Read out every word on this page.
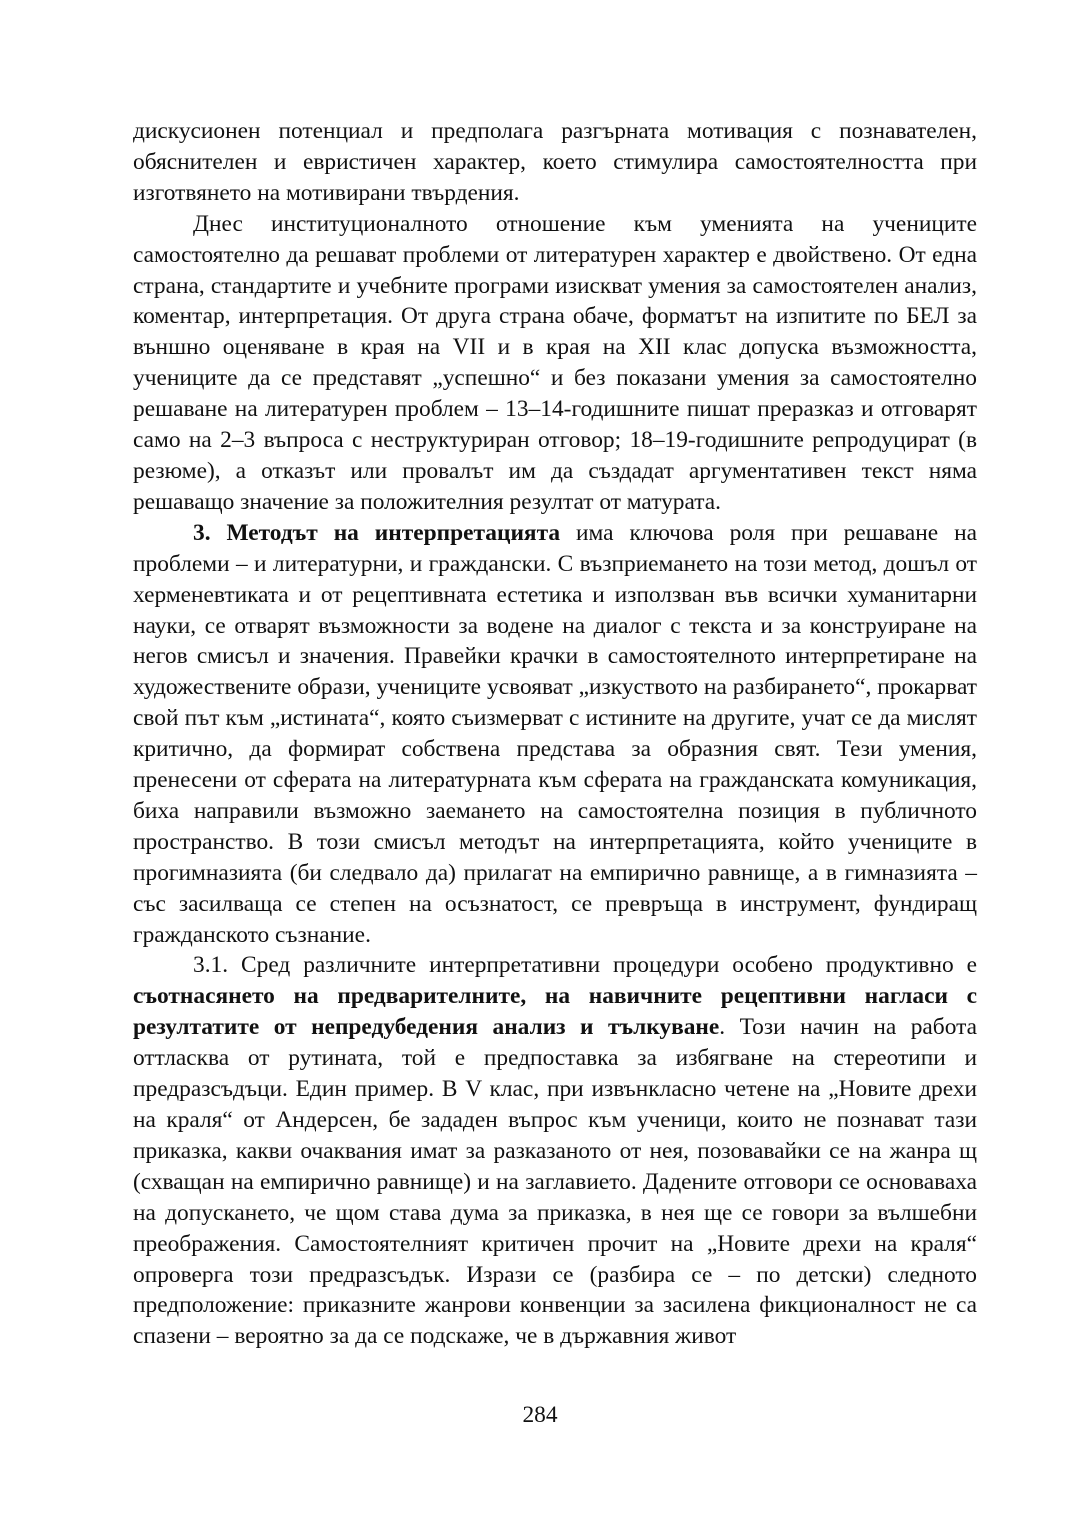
дискусионен потенциал и предполага разгърната мотивация с познавателен, обяснителен и евристичен характер, което стимулира самостоятелността при изготвянето на мотивирани твърдения.

Днес институционалното отношение към уменията на учениците самостоятелно да решават проблеми от литературен характер е двойствено. От една страна, стандартите и учебните програми изискват умения за самостоятелен анализ, коментар, интерпретация. От друга страна обаче, форматът на изпитите по БЕЛ за външно оценяване в края на VII и в края на XII клас допуска възможността, учениците да се представят „успешно“ и без показани умения за самостоятелно решаване на литературен проблем – 13–14-годишните пишат преразказ и отговарят само на 2–3 въпроса с неструктуриран отговор; 18–19-годишните репродуцират (в резюме), а отказът или провалът им да създадат аргументативен текст няма решаващо значение за положителния резултат от матурата.

3. Методът на интерпретацията има ключова роля при решаване на проблеми – и литературни, и граждански. С възприемането на този метод, дошъл от херменевтиката и от рецептивната естетика и използван във всички хуманитарни науки, се отварят възможности за водене на диалог с текста и за конструиране на негов смисъл и значения. Правейки крачки в самостоятелното интерпретиране на художествените образи, учениците усвояват „изкуството на разбирането“, прокарват свой път към „истината“, която съизмерват с истините на другите, учат се да мислят критично, да формират собствена представа за образния свят. Тези умения, пренесени от сферата на литературната към сферата на гражданската комуникация, биха направили възможно заемането на самостоятелна позиция в публичното пространство. В този смисъл методът на интерпретацията, който учениците в прогимназията (би следвало да) прилагат на емпирично равнище, а в гимназията – със засилваща се степен на осъзнатост, се превръща в инструмент, фундиращ гражданското съзнание.

3.1. Сред различните интерпретативни процедури особено продуктивно е съотнасянето на предварителните, на навичните рецептивни нагласи с резултатите от непредубедения анализ и тълкуване. Този начин на работа оттласква от рутината, той е предпоставка за избягване на стереотипи и предразсъдъци. Един пример. В V клас, при извънкласно четене на „Новите дрехи на краля“ от Андерсен, бе зададен въпрос към ученици, които не познават тази приказка, какви очаквания имат за разказаното от нея, позовавайки се на жанра щ (схващан на емпирично равнище) и на заглавието. Дадените отговори се основаваха на допускането, че щом става дума за приказка, в нея ще се говори за вълшебни преображения. Самостоятелният критичен прочит на „Новите дрехи на краля“ опроверга този предразсъдък. Изрази се (разбира се – по детски) следното предположение: приказните жанрови конвенции за засилена фикционалност не са спазени – вероятно за да се подскаже, че в държавния живот

284
